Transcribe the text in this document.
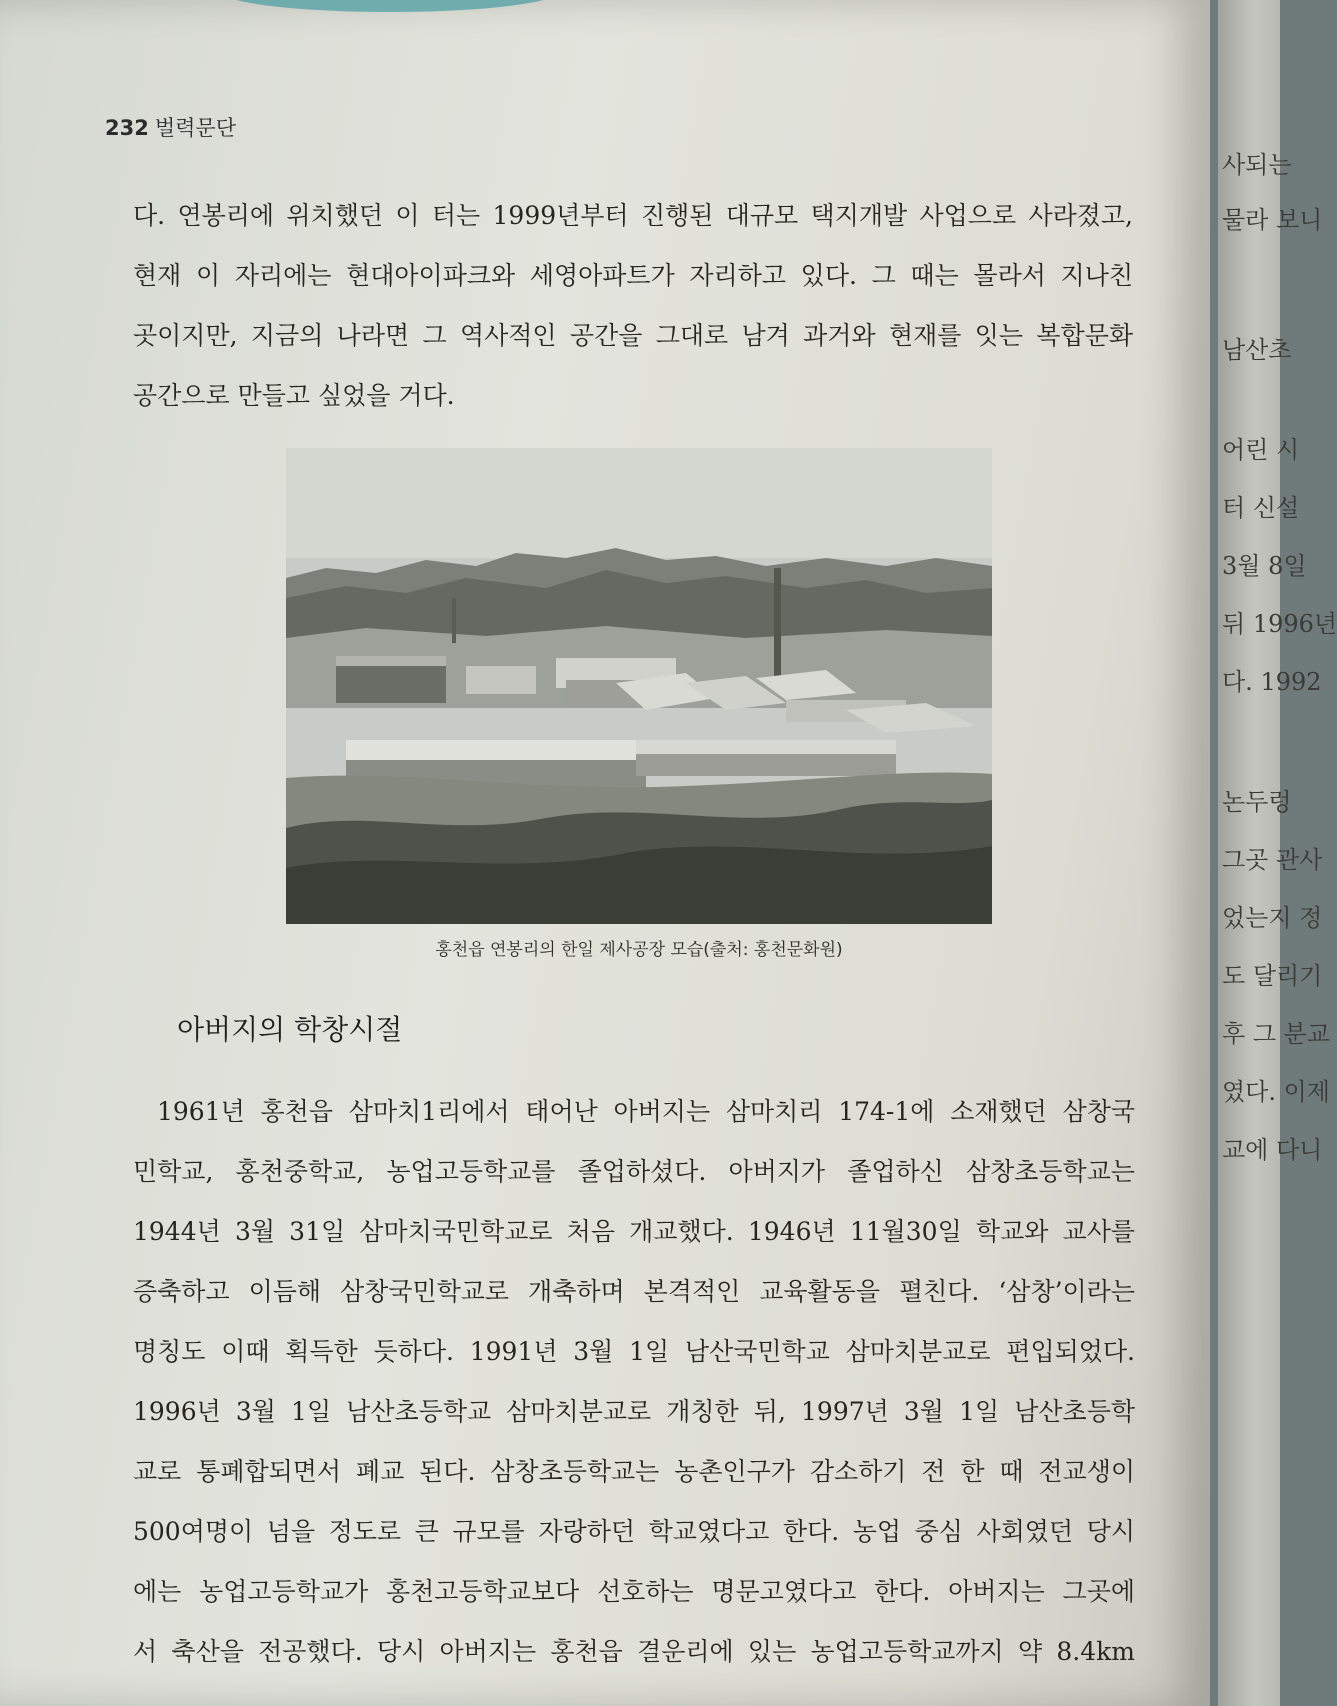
232 벌력문단
다. 연봉리에 위치했던 이 터는 1999년부터 진행된 대규모 택지개발 사업으로 사라졌고,
현재 이 자리에는 현대아이파크와 세영아파트가 자리하고 있다. 그 때는 몰라서 지나친
곳이지만, 지금의 나라면 그 역사적인 공간을 그대로 남겨 과거와 현재를 잇는 복합문화
공간으로 만들고 싶었을 거다.
홍천읍 연봉리의 한일 제사공장 모습(출처: 홍천문화원)
아버지의 학창시절
1961년 홍천읍 삼마치1리에서 태어난 아버지는 삼마치리 174-1에 소재했던 삼창국
민학교, 홍천중학교, 농업고등학교를 졸업하셨다. 아버지가 졸업하신 삼창초등학교는
1944년 3월 31일 삼마치국민학교로 처음 개교했다. 1946년 11월30일 학교와 교사를
증축하고 이듬해 삼창국민학교로 개축하며 본격적인 교육활동을 펼친다. ‘삼창’이라는
명칭도 이때 획득한 듯하다. 1991년 3월 1일 남산국민학교 삼마치분교로 편입되었다.
1996년 3월 1일 남산초등학교 삼마치분교로 개칭한 뒤, 1997년 3월 1일 남산초등학
교로 통폐합되면서 폐교 된다. 삼창초등학교는 농촌인구가 감소하기 전 한 때 전교생이
500여명이 넘을 정도로 큰 규모를 자랑하던 학교였다고 한다. 농업 중심 사회였던 당시
에는 농업고등학교가 홍천고등학교보다 선호하는 명문고였다고 한다. 아버지는 그곳에
서 축산을 전공했다. 당시 아버지는 홍천읍 결운리에 있는 농업고등학교까지 약 8.4km
사되는
물라 보니
남산초
어린 시
터 신설
3월 8일
뒤 1996년
다. 1992
논두렁
그곳 관사
었는지 정
도 달리기
후 그 분교
였다. 이제
교에 다니
